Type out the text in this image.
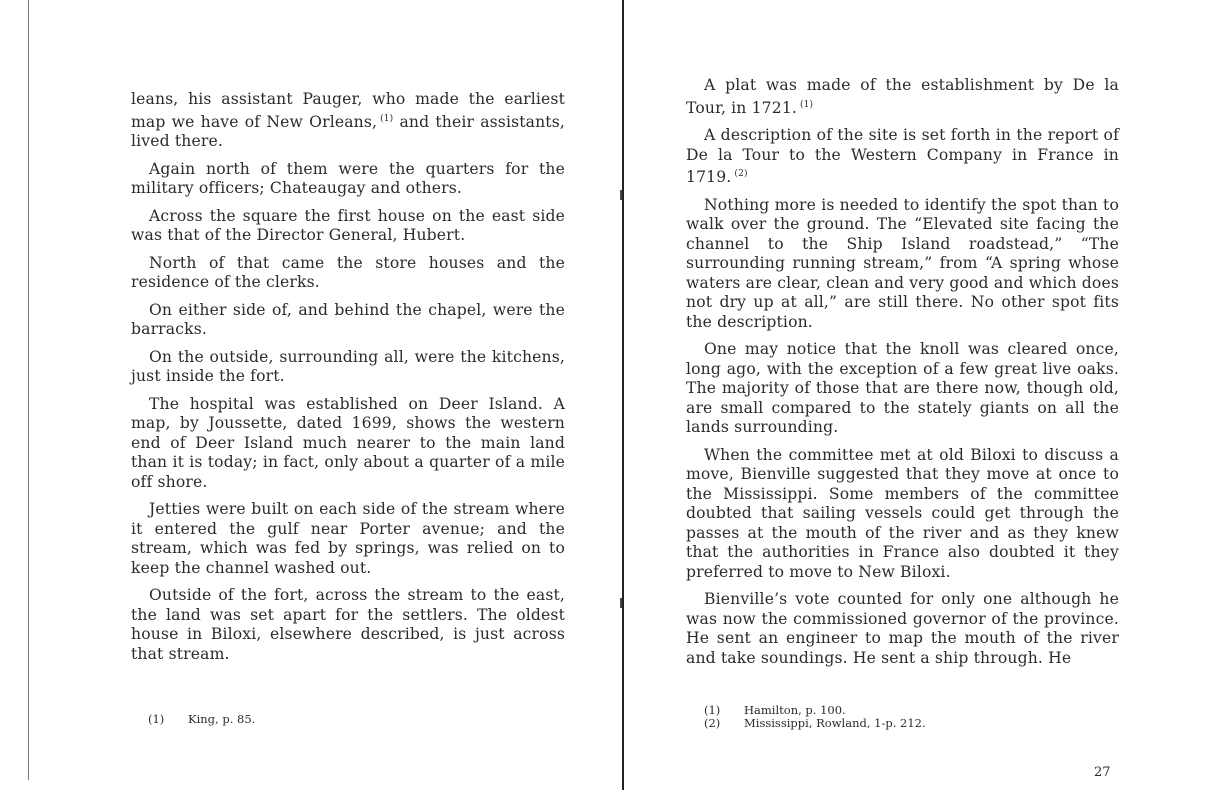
leans, his assistant Pauger, who made the earliest map we have of New Orleans, $^{(1)}$ and their assistants, lived there.

Again north of them were the quarters for the military officers; Chateaugay and others.

Across the square the first house on the east side was that of the Director General, Hubert.

North of that came the store houses and the residence of the clerks.

On either side of, and behind the chapel, were the barracks.

On the outside, surrounding all, were the kitchens, just inside the fort.

The hospital was established on Deer Island. A map, by Joussette, dated 1699, shows the western end of Deer Island much nearer to the main land than it is today; in fact, only about a quarter of a mile off shore.

Jetties were built on each side of the stream where it entered the gulf near Porter avenue; and the stream, which was fed by springs, was relied on to keep the channel washed out.

Outside of the fort, across the stream to the east, the land was set apart for the settlers. The oldest house in Biloxi, elsewhere described, is just across that stream.

(1)	King, p. 85.

A plat was made of the establishment by De la Tour, in 1721. $^{(1)}$

A description of the site is set forth in the report of De la Tour to the Western Company in France in 1719. $^{(2)}$

Nothing more is needed to identify the spot than to walk over the ground. The “Elevated site facing the channel to the Ship Island roadstead,” “The surrounding running stream,” from “A spring whose waters are clear, clean and very good and which does not dry up at all,” are still there. No other spot fits the description.

One may notice that the knoll was cleared once, long ago, with the exception of a few great live oaks. The majority of those that are there now, though old, are small compared to the stately giants on all the lands surrounding.

When the committee met at old Biloxi to discuss a move, Bienville suggested that they move at once to the Mississippi. Some members of the committee doubted that sailing vessels could get through the passes at the mouth of the river and as they knew that the authorities in France also doubted it they preferred to move to New Biloxi.

Bienville’s vote counted for only one although he was now the commissioned governor of the province. He sent an engineer to map the mouth of the river and take soundings. He sent a ship through. He

(1)	Hamilton, p. 100.
(2)	Mississippi, Rowland, 1-p. 212.
27
